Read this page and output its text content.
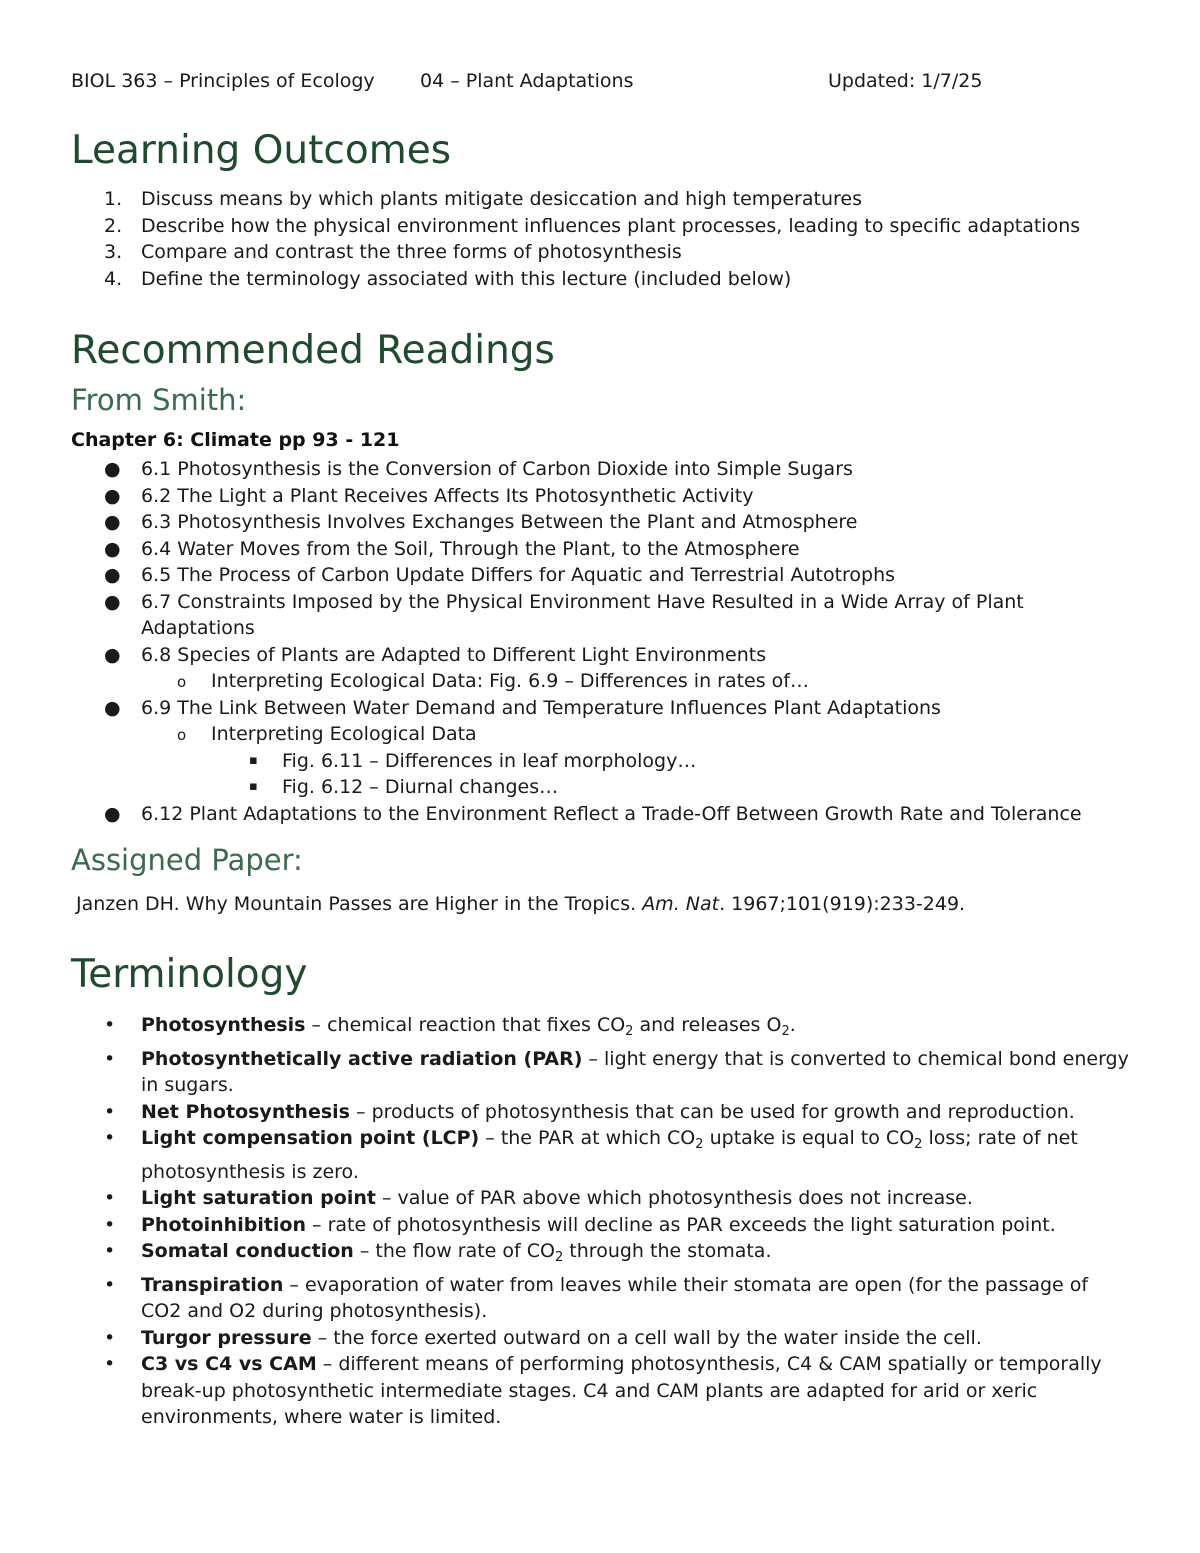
BIOL 363 – Principles of Ecology 04 – Plant Adaptations	Updated: 1/7/25
Learning Outcomes
1. Discuss means by which plants mitigate desiccation and high temperatures
2. Describe how the physical environment influences plant processes, leading to specific adaptations
3. Compare and contrast the three forms of photosynthesis
4. Define the terminology associated with this lecture (included below)
Recommended Readings
From Smith:
Chapter 6: Climate pp 93 - 121
● 6.1 Photosynthesis is the Conversion of Carbon Dioxide into Simple Sugars
● 6.2 The Light a Plant Receives Affects Its Photosynthetic Activity
● 6.3 Photosynthesis Involves Exchanges Between the Plant and Atmosphere
● 6.4 Water Moves from the Soil, Through the Plant, to the Atmosphere
● 6.5 The Process of Carbon Update Differs for Aquatic and Terrestrial Autotrophs
● 6.7 Constraints Imposed by the Physical Environment Have Resulted in a Wide Array of Plant Adaptations
● 6.8 Species of Plants are Adapted to Different Light Environments
o Interpreting Ecological Data: Fig. 6.9 – Differences in rates of…
● 6.9 The Link Between Water Demand and Temperature Influences Plant Adaptations
o Interpreting Ecological Data
▪ Fig. 6.11 – Differences in leaf morphology…
▪ Fig. 6.12 – Diurnal changes…
● 6.12 Plant Adaptations to the Environment Reflect a Trade-Off Between Growth Rate and Tolerance
Assigned Paper:
Janzen DH. Why Mountain Passes are Higher in the Tropics. Am. Nat. 1967;101(919):233-249.
Terminology
• Photosynthesis – chemical reaction that fixes $CO_2$ and releases $O_2$.
• Photosynthetically active radiation (PAR) – light energy that is converted to chemical bond energy in sugars.
• Net Photosynthesis – products of photosynthesis that can be used for growth and reproduction.
• Light compensation point (LCP) – the PAR at which $CO_2$ uptake is equal to $CO_2$ loss; rate of net photosynthesis is zero.
• Light saturation point – value of PAR above which photosynthesis does not increase.
• Photoinhibition – rate of photosynthesis will decline as PAR exceeds the light saturation point.
• Somatal conduction – the flow rate of $CO_2$ through the stomata.
• Transpiration – evaporation of water from leaves while their stomata are open (for the passage of CO2 and O2 during photosynthesis).
• Turgor pressure – the force exerted outward on a cell wall by the water inside the cell.
• C3 vs C4 vs CAM – different means of performing photosynthesis, C4 & CAM spatially or temporally break-up photosynthetic intermediate stages. C4 and CAM plants are adapted for arid or xeric environments, where water is limited.
